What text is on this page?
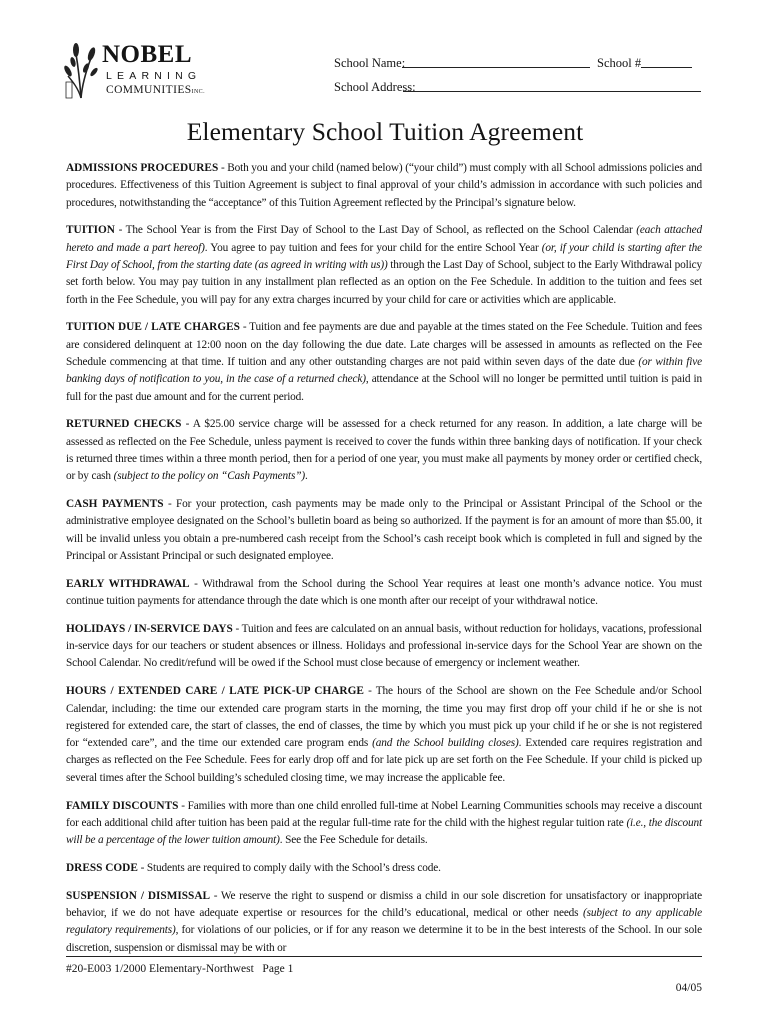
NOBEL
LEARNING
COMMUNITIESINC.
School Name:	School #
School Address:
Elementary School Tuition Agreement

ADMISSIONS PROCEDURES - Both you and your child (named below) (“your child”) must comply with all School admissions policies and procedures. Effectiveness of this Tuition Agreement is subject to final approval of your child’s admission in accordance with such policies and procedures, notwithstanding the “acceptance” of this Tuition Agreement reflected by the Principal’s signature below.

TUITION - The School Year is from the First Day of School to the Last Day of School, as reflected on the School Calendar (each attached hereto and made a part hereof). You agree to pay tuition and fees for your child for the entire School Year (or, if your child is starting after the First Day of School, from the starting date (as agreed in writing with us)) through the Last Day of School, subject to the Early Withdrawal policy set forth below. You may pay tuition in any installment plan reflected as an option on the Fee Schedule. In addition to the tuition and fees set forth in the Fee Schedule, you will pay for any extra charges incurred by your child for care or activities which are applicable.

TUITION DUE / LATE CHARGES - Tuition and fee payments are due and payable at the times stated on the Fee Schedule. Tuition and fees are considered delinquent at 12:00 noon on the day following the due date. Late charges will be assessed in amounts as reflected on the Fee Schedule commencing at that time. If tuition and any other outstanding charges are not paid within seven days of the date due (or within five banking days of notification to you, in the case of a returned check), attendance at the School will no longer be permitted until tuition is paid in full for the past due amount and for the current period.

RETURNED CHECKS - A $25.00 service charge will be assessed for a check returned for any reason. In addition, a late charge will be assessed as reflected on the Fee Schedule, unless payment is received to cover the funds within three banking days of notification. If your check is returned three times within a three month period, then for a period of one year, you must make all payments by money order or certified check, or by cash (subject to the policy on “Cash Payments”).

CASH PAYMENTS - For your protection, cash payments may be made only to the Principal or Assistant Principal of the School or the administrative employee designated on the School’s bulletin board as being so authorized. If the payment is for an amount of more than $5.00, it will be invalid unless you obtain a pre-numbered cash receipt from the School’s cash receipt book which is completed in full and signed by the Principal or Assistant Principal or such designated employee.

EARLY WITHDRAWAL - Withdrawal from the School during the School Year requires at least one month’s advance notice. You must continue tuition payments for attendance through the date which is one month after our receipt of your withdrawal notice.

HOLIDAYS / IN-SERVICE DAYS - Tuition and fees are calculated on an annual basis, without reduction for holidays, vacations, professional in-service days for our teachers or student absences or illness. Holidays and professional in-service days for the School Year are shown on the School Calendar. No credit/refund will be owed if the School must close because of emergency or inclement weather.

HOURS / EXTENDED CARE / LATE PICK-UP CHARGE - The hours of the School are shown on the Fee Schedule and/or School Calendar, including: the time our extended care program starts in the morning, the time you may first drop off your child if he or she is not registered for extended care, the start of classes, the end of classes, the time by which you must pick up your child if he or she is not registered for “extended care”, and the time our extended care program ends (and the School building closes). Extended care requires registration and charges as reflected on the Fee Schedule. Fees for early drop off and for late pick up are set forth on the Fee Schedule. If your child is picked up several times after the School building’s scheduled closing time, we may increase the applicable fee.

FAMILY DISCOUNTS - Families with more than one child enrolled full-time at Nobel Learning Communities schools may receive a discount for each additional child after tuition has been paid at the regular full-time rate for the child with the highest regular tuition rate (i.e., the discount will be a percentage of the lower tuition amount). See the Fee Schedule for details.

DRESS CODE - Students are required to comply daily with the School’s dress code.

SUSPENSION / DISMISSAL - We reserve the right to suspend or dismiss a child in our sole discretion for unsatisfactory or inappropriate behavior, if we do not have adequate expertise or resources for the child’s educational, medical or other needs (subject to any applicable regulatory requirements), for violations of our policies, or if for any reason we determine it to be in the best interests of the School. In our sole discretion, suspension or dismissal may be with or

#20-E003 1/2000 Elementary-Northwest Page 1
04/05
